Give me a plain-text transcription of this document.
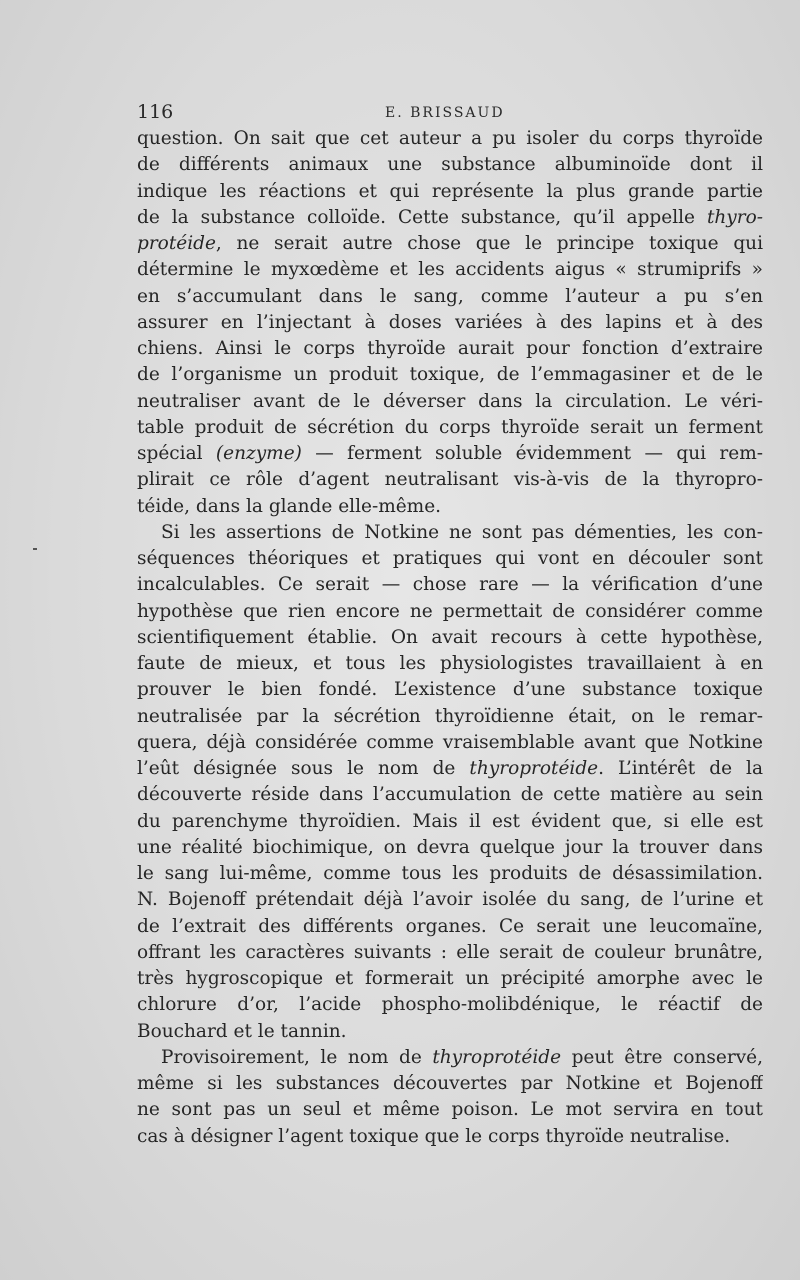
116	E. BRISSAUD
question. On sait que cet auteur a pu isoler du corps thyroïde
de différents animaux une substance albuminoïde dont il
indique les réactions et qui représente la plus grande partie
de la substance colloïde. Cette substance, qu’il appelle thyro-
protéide, ne serait autre chose que le principe toxique qui
détermine le myxœdème et les accidents aigus « strumiprifs »
en s’accumulant dans le sang, comme l’auteur a pu s’en
assurer en l’injectant à doses variées à des lapins et à des
chiens. Ainsi le corps thyroïde aurait pour fonction d’extraire
de l’organisme un produit toxique, de l’emmagasiner et de le
neutraliser avant de le déverser dans la circulation. Le véri-
table produit de sécrétion du corps thyroïde serait un ferment
spécial (enzyme) — ferment soluble évidemment — qui rem-
plirait ce rôle d’agent neutralisant vis-à-vis de la thyropro-
téide, dans la glande elle-même.
Si les assertions de Notkine ne sont pas démenties, les con-
séquences théoriques et pratiques qui vont en découler sont
incalculables. Ce serait — chose rare — la vérification d’une
hypothèse que rien encore ne permettait de considérer comme
scientifiquement établie. On avait recours à cette hypothèse,
faute de mieux, et tous les physiologistes travaillaient à en
prouver le bien fondé. L’existence d’une substance toxique
neutralisée par la sécrétion thyroïdienne était, on le remar-
quera, déjà considérée comme vraisemblable avant que Notkine
l’eût désignée sous le nom de thyroprotéide. L’intérêt de la
découverte réside dans l’accumulation de cette matière au sein
du parenchyme thyroïdien. Mais il est évident que, si elle est
une réalité biochimique, on devra quelque jour la trouver dans
le sang lui-même, comme tous les produits de désassimilation.
N. Bojenoff prétendait déjà l’avoir isolée du sang, de l’urine et
de l’extrait des différents organes. Ce serait une leucomaïne,
offrant les caractères suivants : elle serait de couleur brunâtre,
très hygroscopique et formerait un précipité amorphe avec le
chlorure d’or, l’acide phospho-molibdénique, le réactif de
Bouchard et le tannin.
Provisoirement, le nom de thyroprotéide peut être conservé,
même si les substances découvertes par Notkine et Bojenoff
ne sont pas un seul et même poison. Le mot servira en tout
cas à désigner l’agent toxique que le corps thyroïde neutralise.
